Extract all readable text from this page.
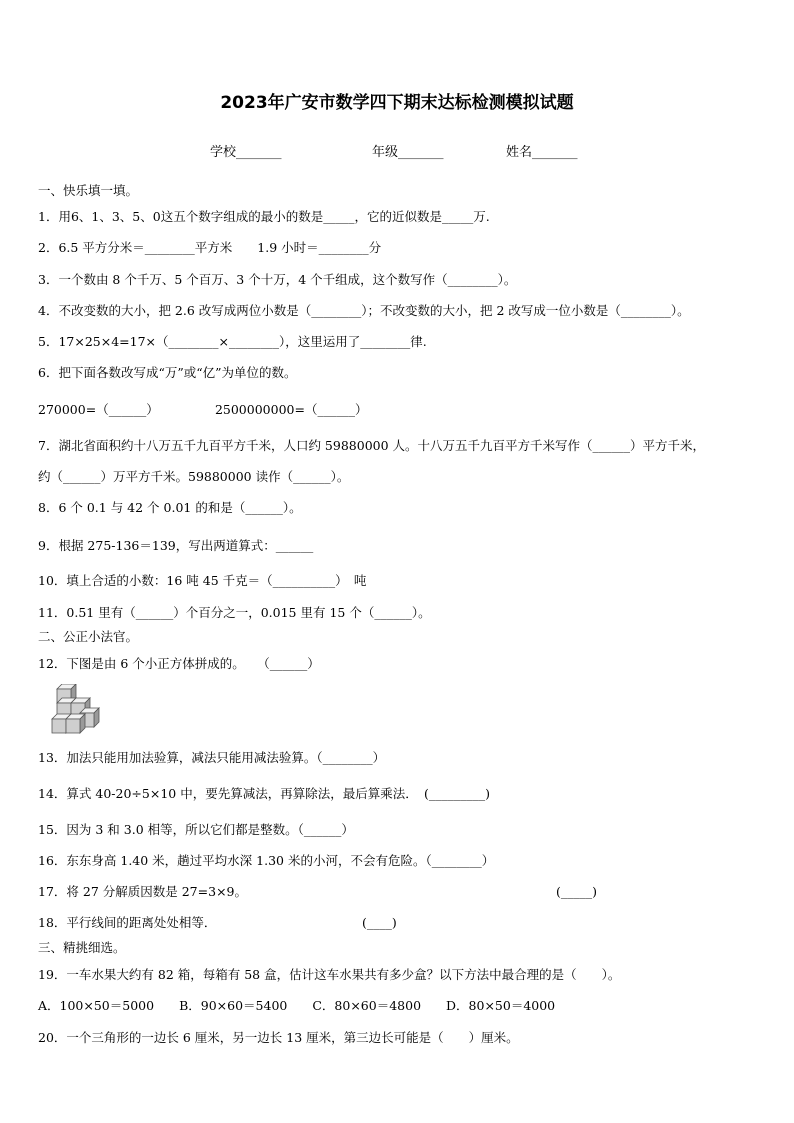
2023年广安市数学四下期末达标检测模拟试题
学校_______	年级_______	姓名_______
一、快乐填一填。
1．用6、1、3、5、0这五个数字组成的最小的数是_____，它的近似数是_____万.
2．6.5 平方分米＝________平方米　　1.9 小时＝________分
3．一个数由 8 个千万、5 个百万、3 个十万，4 个千组成，这个数写作（________）。
4．不改变数的大小，把 2.6 改写成两位小数是（________）；不改变数的大小，把 2 改写成一位小数是（________）。
5．17×25×4=17×（________×________），这里运用了________律.
6．把下面各数改写成“万”或“亿”为单位的数。
270000=（______）　　　　　2500000000=（______）
7．湖北省面积约十八万五千九百平方千米，人口约 59880000 人。十八万五千九百平方千米写作（______）平方千米，
约（______）万平方千米。59880000 读作（______）。
8．6 个 0.1 与 42 个 0.01 的和是（______）。
9．根据 275-136＝139，写出两道算式：______
10．填上合适的小数：16 吨 45 千克＝（__________）　吨
11．0.51 里有（______）个百分之一，0.015 里有 15 个（______）。
二、公正小法官。
12．下图是由 6 个小正方体拼成的。　　（______）
13．加法只能用加法验算，减法只能用减法验算。（________）
14．算式 40-20÷5×10 中，要先算减法，再算除法，最后算乘法．　(_________)
15．因为 3 和 3.0 相等，所以它们都是整数。（______）
16．东东身高 1.40 米，趟过平均水深 1.30 米的小河，不会有危险。（________）
17．将 27 分解质因数是 27=3×9。	(_____)
18．平行线间的距离处处相等．	(____)
三、精挑细选。
19．一车水果大约有 82 箱，每箱有 58 盒，估计这车水果共有多少盒？以下方法中最合理的是（　　）。
A．100×50＝5000　　B．90×60＝5400　　C．80×60＝4800　　D．80×50＝4000
20．一个三角形的一边长 6 厘米，另一边长 13 厘米，第三边长可能是（　　）厘米。
